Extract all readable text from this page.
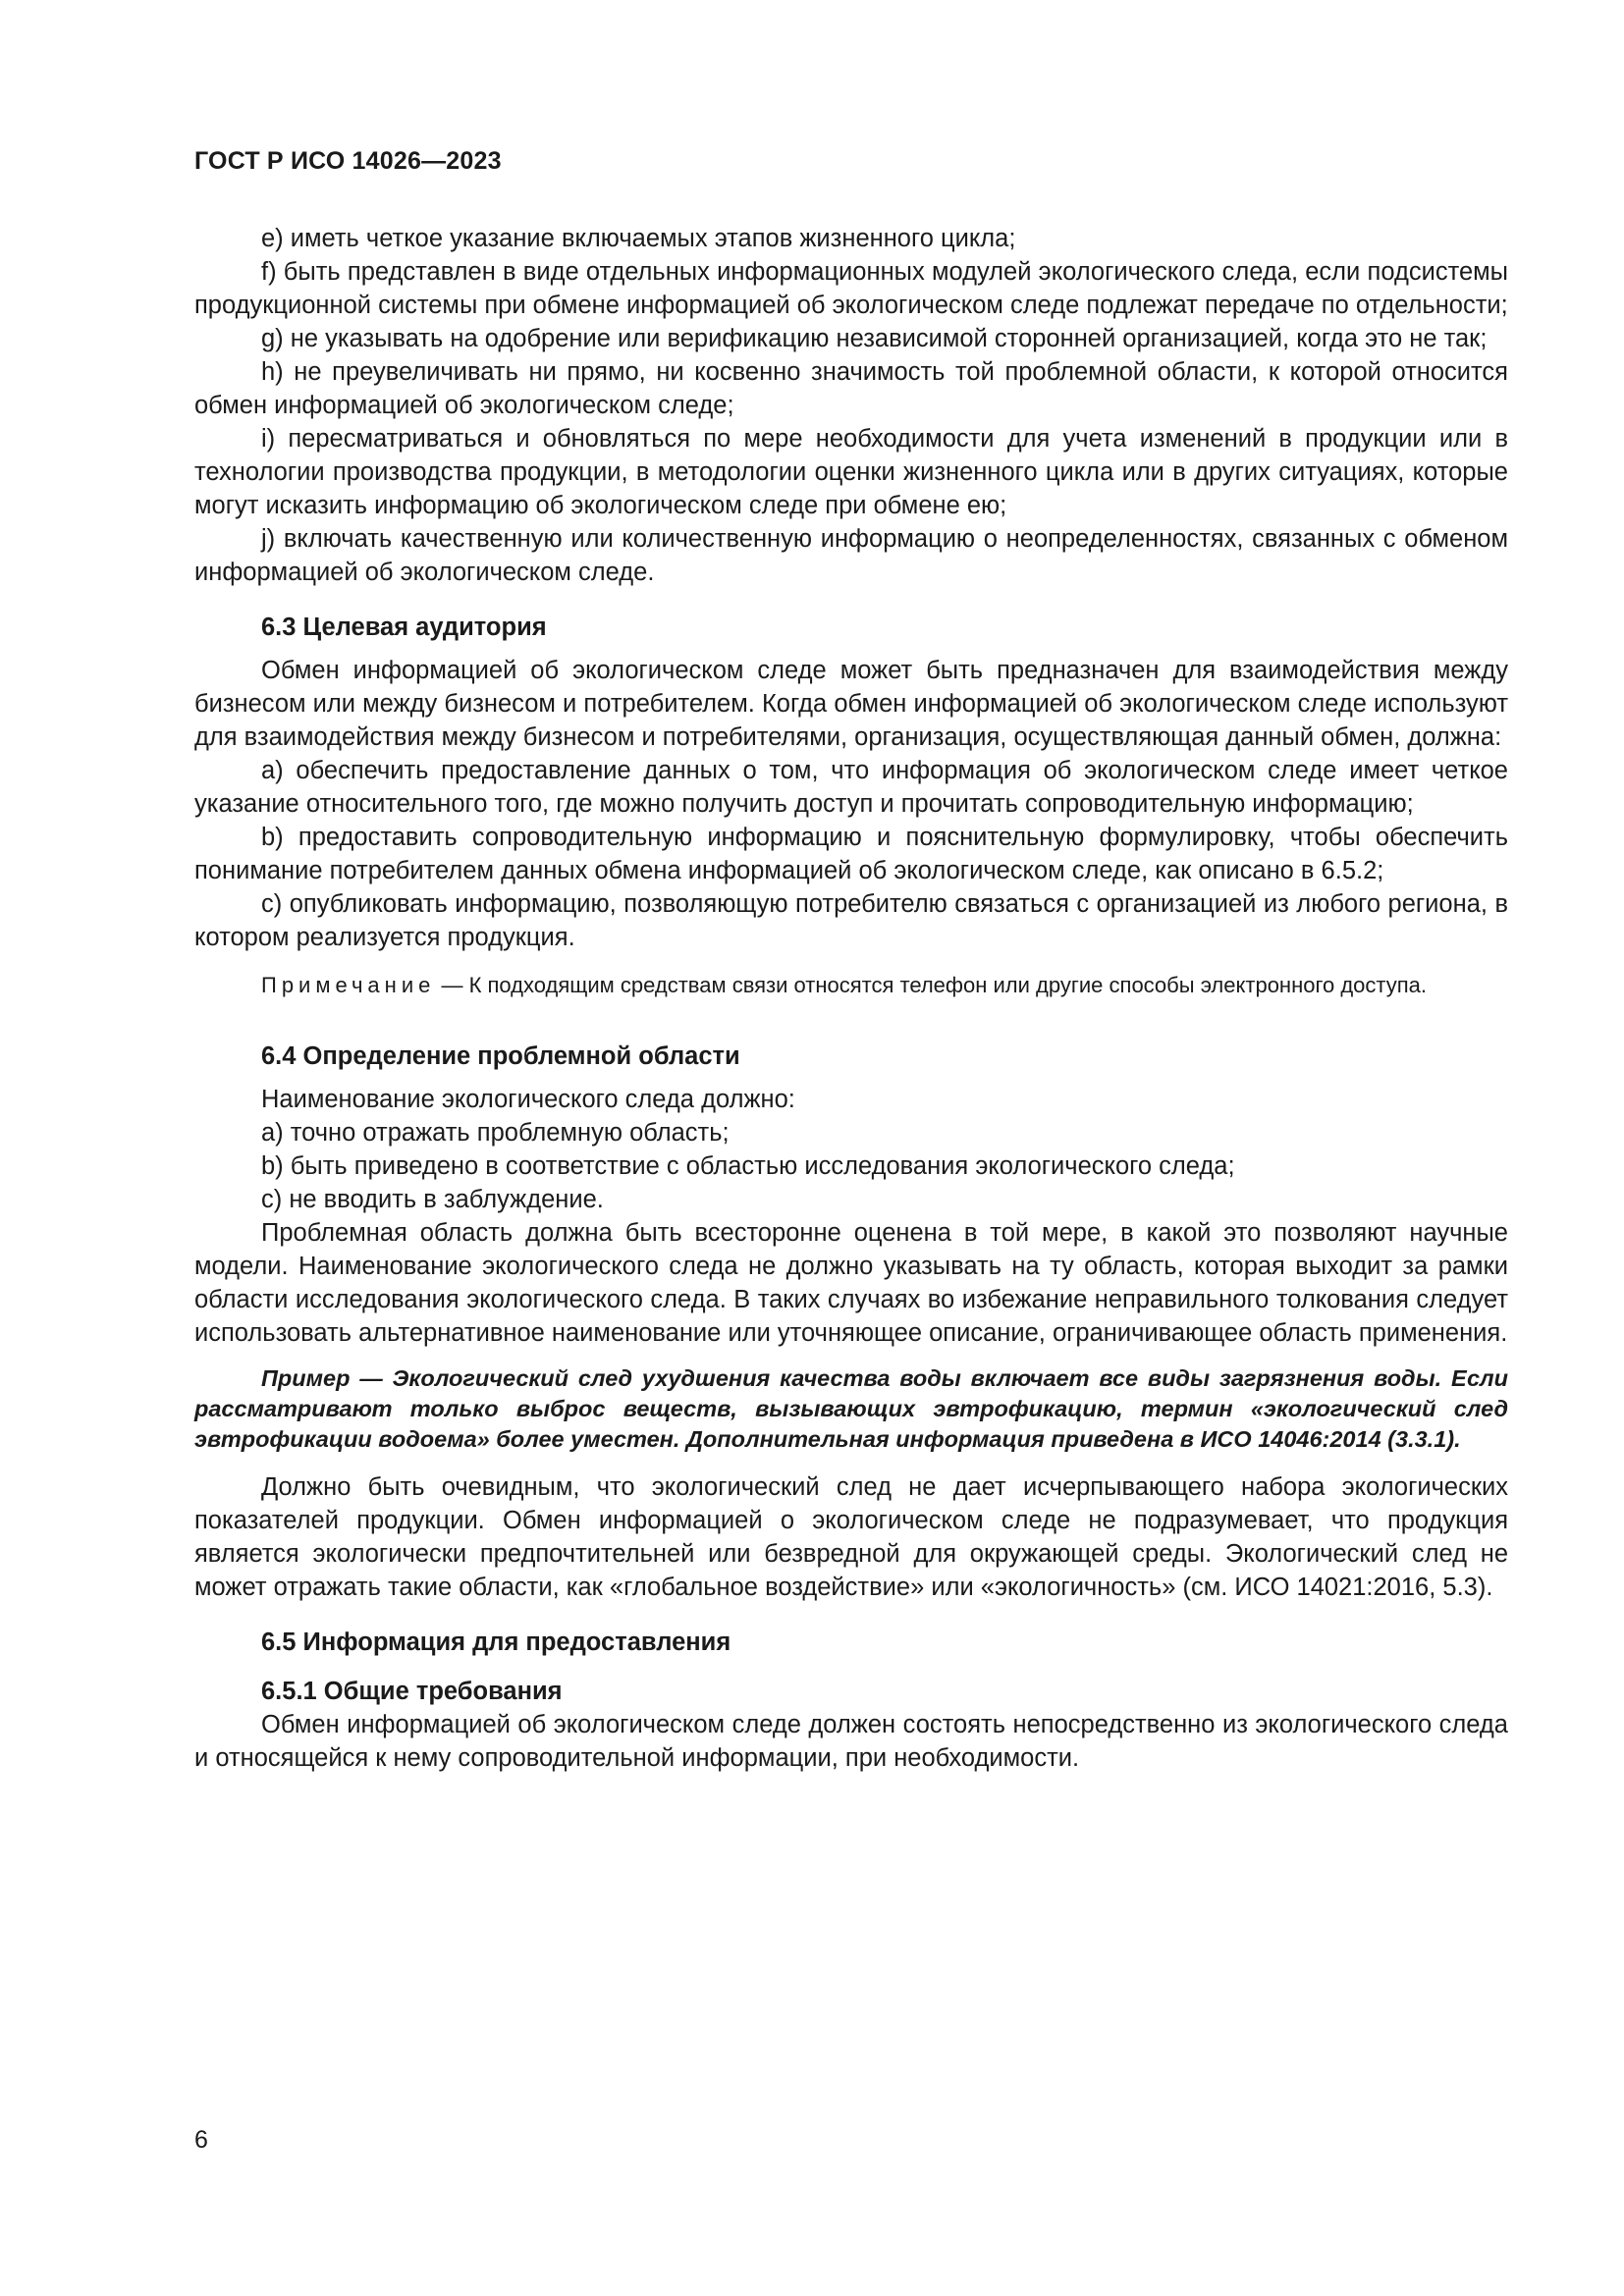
ГОСТ Р ИСО 14026—2023

е) иметь четкое указание включаемых этапов жизненного цикла;

f) быть представлен в виде отдельных информационных модулей экологического следа, если подсистемы продукционной системы при обмене информацией об экологическом следе подлежат передаче по отдельности;

g) не указывать на одобрение или верификацию независимой сторонней организацией, когда это не так;

h) не преувеличивать ни прямо, ни косвенно значимость той проблемной области, к которой относится обмен информацией об экологическом следе;

i) пересматриваться и обновляться по мере необходимости для учета изменений в продукции или в технологии производства продукции, в методологии оценки жизненного цикла или в других ситуациях, которые могут исказить информацию об экологическом следе при обмене ею;

j) включать качественную или количественную информацию о неопределенностях, связанных с обменом информацией об экологическом следе.

6.3 Целевая аудитория

Обмен информацией об экологическом следе может быть предназначен для взаимодействия между бизнесом или между бизнесом и потребителем. Когда обмен информацией об экологическом следе используют для взаимодействия между бизнесом и потребителями, организация, осуществляющая данный обмен, должна:

a) обеспечить предоставление данных о том, что информация об экологическом следе имеет четкое указание относительного того, где можно получить доступ и прочитать сопроводительную информацию;

b) предоставить сопроводительную информацию и пояснительную формулировку, чтобы обеспечить понимание потребителем данных обмена информацией об экологическом следе, как описано в 6.5.2;

c) опубликовать информацию, позволяющую потребителю связаться с организацией из любого региона, в котором реализуется продукция.

Примечание — К подходящим средствам связи относятся телефон или другие способы электронного доступа.

6.4 Определение проблемной области

Наименование экологического следа должно:

a) точно отражать проблемную область;

b) быть приведено в соответствие с областью исследования экологического следа;

c) не вводить в заблуждение.

Проблемная область должна быть всесторонне оценена в той мере, в какой это позволяют научные модели. Наименование экологического следа не должно указывать на ту область, которая выходит за рамки области исследования экологического следа. В таких случаях во избежание неправильного толкования следует использовать альтернативное наименование или уточняющее описание, ограничивающее область применения.

Пример — Экологический след ухудшения качества воды включает все виды загрязнения воды. Если рассматривают только выброс веществ, вызывающих эвтрофикацию, термин «экологический след эвтрофикации водоема» более уместен. Дополнительная информация приведена в ИСО 14046:2014 (3.3.1).

Должно быть очевидным, что экологический след не дает исчерпывающего набора экологических показателей продукции. Обмен информацией о экологическом следе не подразумевает, что продукция является экологически предпочтительней или безвредной для окружающей среды. Экологический след не может отражать такие области, как «глобальное воздействие» или «экологичность» (см. ИСО 14021:2016, 5.3).

6.5 Информация для предоставления
6.5.1 Общие требования

Обмен информацией об экологическом следе должен состоять непосредственно из экологического следа и относящейся к нему сопроводительной информации, при необходимости.

6
